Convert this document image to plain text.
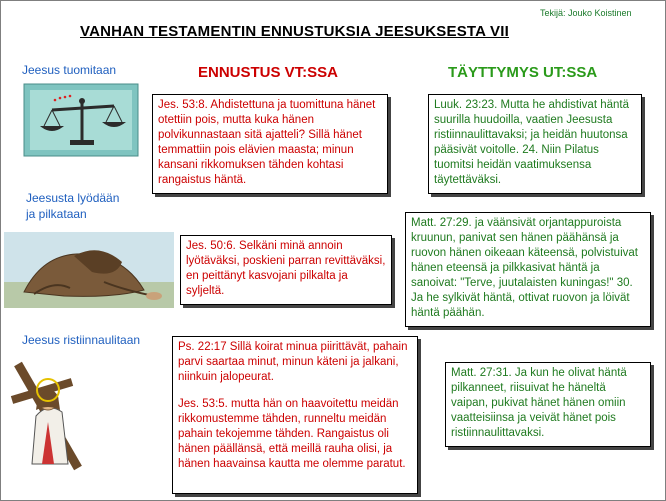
Tekijä: Jouko Koistinen
VANHAN TESTAMENTIN ENNUSTUKSIA JEESUKSESTA VII
ENNUSTUS VT:SSA	TÄYTTYMYS UT:SSA
Jeesus tuomitaan
Jes. 53:8. Ahdistettuna ja tuomittuna hänet otettiin pois, mutta kuka hänen polvikunnastaan sitä ajatteli? Sillä hänet temmattiin pois elävien maasta; minun kansani rikkomuksen tähden kohtasi rangaistus häntä.
Luuk. 23:23. Mutta he ahdistivat häntä suurilla huudoilla, vaatien Jeesusta ristiinnaulittavaksi; ja heidän huutonsa pääsivät voitolle. 24. Niin Pilatus tuomitsi heidän vaatimuksensa täytettäväksi.
Jeesusta lyödään
ja pilkataan
Jes. 50:6. Selkäni minä annoin lyötäväksi, poskieni parran revittäväksi, en peittänyt kasvojani pilkalta ja syljeltä.
Matt. 27:29. ja väänsivät orjantappuroista kruunun, panivat sen hänen päähänsä ja ruovon hänen oikeaan käteensä, polvistuivat hänen eteensä ja pilkkasivat häntä ja sanoivat: "Terve, juutalaisten kuningas!" 30. Ja he sylkivät häntä, ottivat ruovon ja löivät häntä päähän.
Jeesus ristiinnaulitaan	Ps. 22:17 Sillä koirat minua piirittävät, pahain parvi saartaa minut, minun käteni ja jalkani, niinkuin jalopeurat.
Jes. 53:5. mutta hän on haavoitettu meidän rikkomustemme tähden, runneltu meidän pahain tekojemme tähden. Rangaistus oli hänen päällänsä, että meillä rauha olisi, ja hänen haavainsa kautta me olemme paratut.
Matt. 27:31. Ja kun he olivat häntä pilkanneet, riisuivat he häneltä vaipan, pukivat hänet hänen omiin vaatteisiinsa ja veivät hänet pois ristiinnaulittavaksi.
